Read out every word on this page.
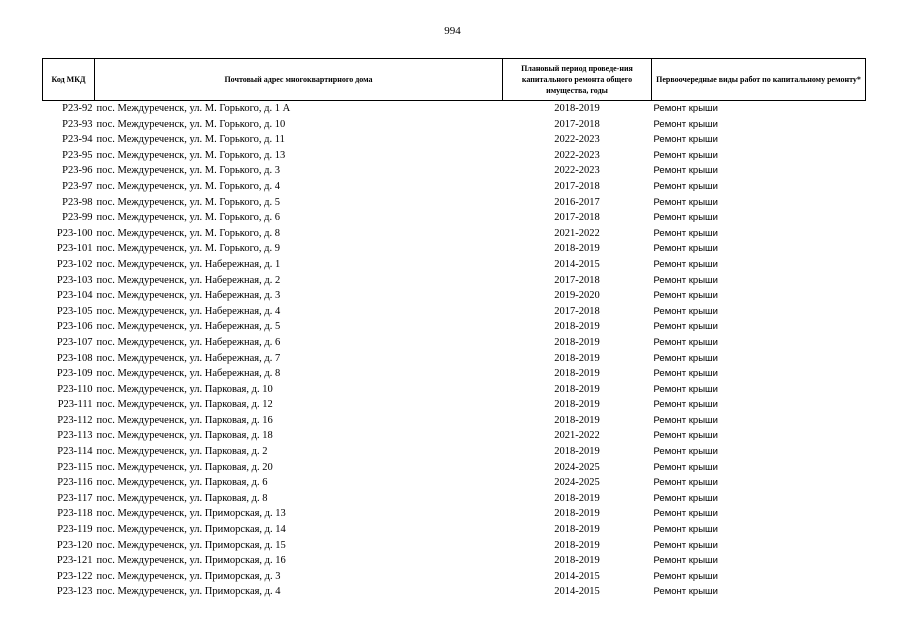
994
Код МКД	Почтовый адрес многоквартирного дома	Плановый период проведе-ния капитального ремонта общего имущества, годы	Первоочередные виды работ по капитальному ремонту*
Р23-92	пос. Междуреченск, ул. М. Горького, д. 1 А	2018-2019	Ремонт крыши
Р23-93	пос. Междуреченск, ул. М. Горького, д. 10	2017-2018	Ремонт крыши
Р23-94	пос. Междуреченск, ул. М. Горького, д. 11	2022-2023	Ремонт крыши
Р23-95	пос. Междуреченск, ул. М. Горького, д. 13	2022-2023	Ремонт крыши
Р23-96	пос. Междуреченск, ул. М. Горького, д. 3	2022-2023	Ремонт крыши
Р23-97	пос. Междуреченск, ул. М. Горького, д. 4	2017-2018	Ремонт крыши
Р23-98	пос. Междуреченск, ул. М. Горького, д. 5	2016-2017	Ремонт крыши
Р23-99	пос. Междуреченск, ул. М. Горького, д. 6	2017-2018	Ремонт крыши
Р23-100	пос. Междуреченск, ул. М. Горького, д. 8	2021-2022	Ремонт крыши
Р23-101	пос. Междуреченск, ул. М. Горького, д. 9	2018-2019	Ремонт крыши
Р23-102	пос. Междуреченск, ул. Набережная, д. 1	2014-2015	Ремонт крыши
Р23-103	пос. Междуреченск, ул. Набережная, д. 2	2017-2018	Ремонт крыши
Р23-104	пос. Междуреченск, ул. Набережная, д. 3	2019-2020	Ремонт крыши
Р23-105	пос. Междуреченск, ул. Набережная, д. 4	2017-2018	Ремонт крыши
Р23-106	пос. Междуреченск, ул. Набережная, д. 5	2018-2019	Ремонт крыши
Р23-107	пос. Междуреченск, ул. Набережная, д. 6	2018-2019	Ремонт крыши
Р23-108	пос. Междуреченск, ул. Набережная, д. 7	2018-2019	Ремонт крыши
Р23-109	пос. Междуреченск, ул. Набережная, д. 8	2018-2019	Ремонт крыши
Р23-110	пос. Междуреченск, ул. Парковая, д. 10	2018-2019	Ремонт крыши
Р23-111	пос. Междуреченск, ул. Парковая, д. 12	2018-2019	Ремонт крыши
Р23-112	пос. Междуреченск, ул. Парковая, д. 16	2018-2019	Ремонт крыши
Р23-113	пос. Междуреченск, ул. Парковая, д. 18	2021-2022	Ремонт крыши
Р23-114	пос. Междуреченск, ул. Парковая, д. 2	2018-2019	Ремонт крыши
Р23-115	пос. Междуреченск, ул. Парковая, д. 20	2024-2025	Ремонт крыши
Р23-116	пос. Междуреченск, ул. Парковая, д. 6	2024-2025	Ремонт крыши
Р23-117	пос. Междуреченск, ул. Парковая, д. 8	2018-2019	Ремонт крыши
Р23-118	пос. Междуреченск, ул. Приморская, д. 13	2018-2019	Ремонт крыши
Р23-119	пос. Междуреченск, ул. Приморская, д. 14	2018-2019	Ремонт крыши
Р23-120	пос. Междуреченск, ул. Приморская, д. 15	2018-2019	Ремонт крыши
Р23-121	пос. Междуреченск, ул. Приморская, д. 16	2018-2019	Ремонт крыши
Р23-122	пос. Междуреченск, ул. Приморская, д. 3	2014-2015	Ремонт крыши
Р23-123	пос. Междуреченск, ул. Приморская, д. 4	2014-2015	Ремонт крыши
